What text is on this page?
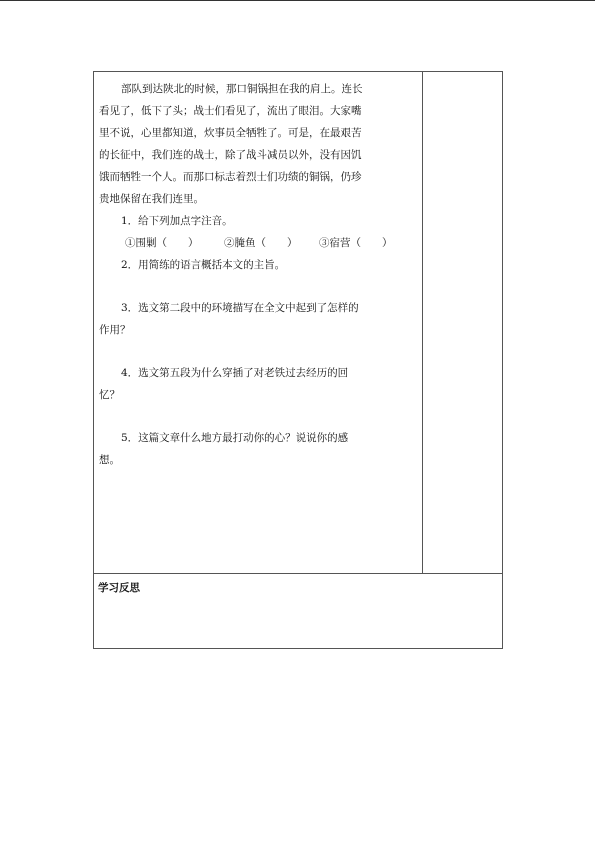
部队到达陕北的时候，那口铜锅担在我的肩上。连长
看见了，低下了头；战士们看见了，流出了眼泪。大家嘴
里不说，心里都知道，炊事员全牺牲了。可是，在最艰苦
的长征中，我们连的战士，除了战斗减员以外，没有因饥
饿而牺牲一个人。而那口标志着烈士们功绩的铜锅，仍珍
贵地保留在我们连里。
1．给下列加点字注音。
①围剿（　　） ②腌鱼（　　） ③宿营（　　）
2．用简练的语言概括本文的主旨。
3．选文第二段中的环境描写在全文中起到了怎样的
作用？
4．选文第五段为什么穿插了对老铁过去经历的回
忆？
5．这篇文章什么地方最打动你的心？说说你的感
想。
学习反思
